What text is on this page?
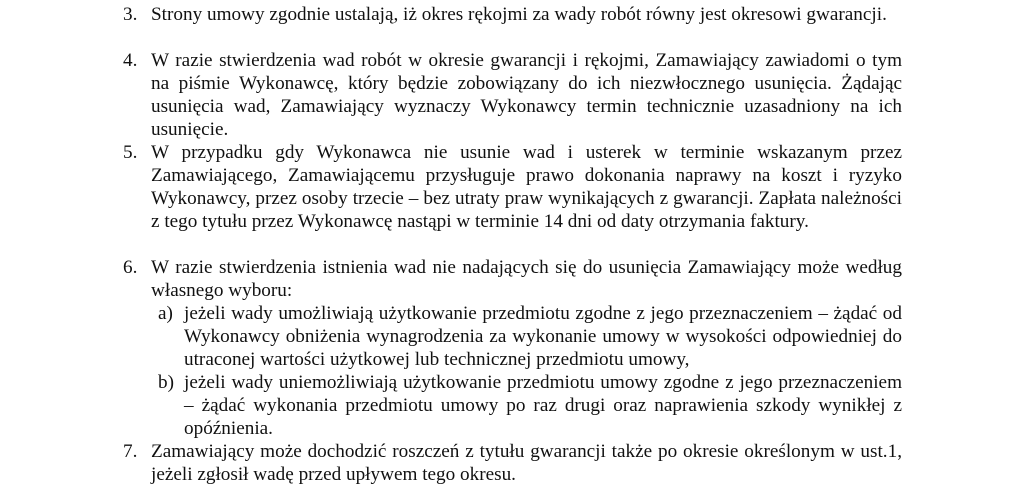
3. Strony umowy zgodnie ustalają, iż okres rękojmi za wady robót równy jest okresowi gwarancji.
4. W razie stwierdzenia wad robót w okresie gwarancji i rękojmi, Zamawiający zawiadomi o tym na piśmie Wykonawcę, który będzie zobowiązany do ich niezwłocznego usunięcia. Żądając usunięcia wad, Zamawiający wyznaczy Wykonawcy termin technicznie uzasadniony na ich usunięcie.
5. W przypadku gdy Wykonawca nie usunie wad i usterek w terminie wskazanym przez Zamawiającego, Zamawiającemu przysługuje prawo dokonania naprawy na koszt i ryzyko Wykonawcy, przez osoby trzecie – bez utraty praw wynikających z gwarancji. Zapłata należności z tego tytułu przez Wykonawcę nastąpi w terminie 14 dni od daty otrzymania faktury.
6. W razie stwierdzenia istnienia wad nie nadających się do usunięcia Zamawiający może według własnego wyboru:
a) jeżeli wady umożliwiają użytkowanie przedmiotu zgodne z jego przeznaczeniem – żądać od Wykonawcy obniżenia wynagrodzenia za wykonanie umowy w wysokości odpowiedniej do utraconej wartości użytkowej lub technicznej przedmiotu umowy,
b) jeżeli wady uniemożliwiają użytkowanie przedmiotu umowy zgodne z jego przeznaczeniem – żądać wykonania przedmiotu umowy po raz drugi oraz naprawienia szkody wynikłej z opóźnienia.
7. Zamawiający może dochodzić roszczeń z tytułu gwarancji także po okresie określonym w ust.1, jeżeli zgłosił wadę przed upływem tego okresu.
